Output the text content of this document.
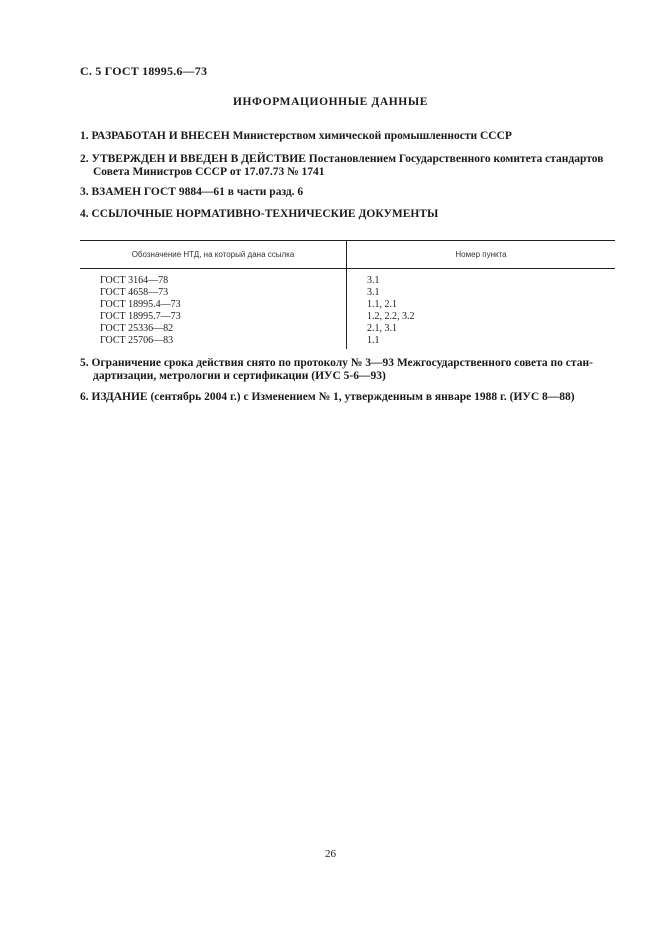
С. 5 ГОСТ 18995.6—73
ИНФОРМАЦИОННЫЕ ДАННЫЕ
1. РАЗРАБОТАН И ВНЕСЕН Министерством химической промышленности СССР
2. УТВЕРЖДЕН И ВВЕДЕН В ДЕЙСТВИЕ Постановлением Государственного комитета стандартов
Совета Министров СССР от 17.07.73 № 1741
3. ВЗАМЕН ГОСТ 9884—61 в части разд. 6
4. ССЫЛОЧНЫЕ НОРМАТИВНО-ТЕХНИЧЕСКИЕ ДОКУМЕНТЫ
Обозначение НТД, на который дана ссылка	Номер пункта
ГОСТ 3164—78	3.1
ГОСТ 4658—73	3.1
ГОСТ 18995.4—73	1.1, 2.1
ГОСТ 18995.7—73	1.2, 2.2, 3.2
ГОСТ 25336—82	2.1, 3.1
ГОСТ 25706—83	1.1
5. Ограничение срока действия снято по протоколу № 3—93 Межгосударственного совета по стан-
дартизации, метрологии и сертификации (ИУС 5-6—93)
6. ИЗДАНИЕ (сентябрь 2004 г.) с Изменением № 1, утвержденным в январе 1988 г. (ИУС 8—88)
26
